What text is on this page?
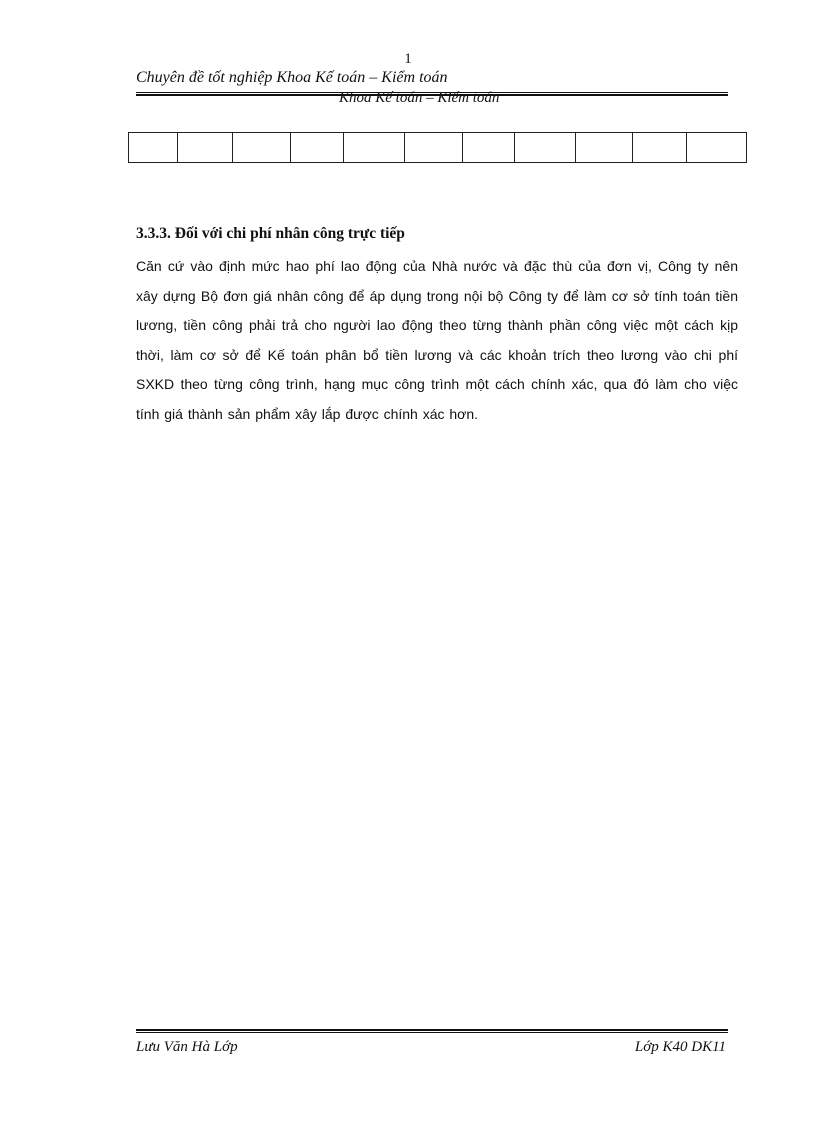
1
Chuyên đề tốt nghiệp Khoa Kế toán – Kiểm toán
Khoa Kế toán – Kiểm toán

3.3.3. Đối với chi phí nhân công trực tiếp

Căn cứ vào định mức hao phí lao động của Nhà nước và đặc thù của đơn vị, Công ty nên xây dựng Bộ đơn giá nhân công để áp dụng trong nội bộ Công ty để làm cơ sở tính toán tiền lương, tiền công phải trả cho người lao động theo từng thành phần công việc một cách kịp thời, làm cơ sở để Kế toán phân bổ tiền lương và các khoản trích theo lương vào chi phí SXKD theo từng công trình, hạng mục công trình một cách chính xác, qua đó làm cho việc tính giá thành sản phẩm xây lắp được chính xác hơn.

Lưu Văn Hà Lớp	Lớp K40 DK11
